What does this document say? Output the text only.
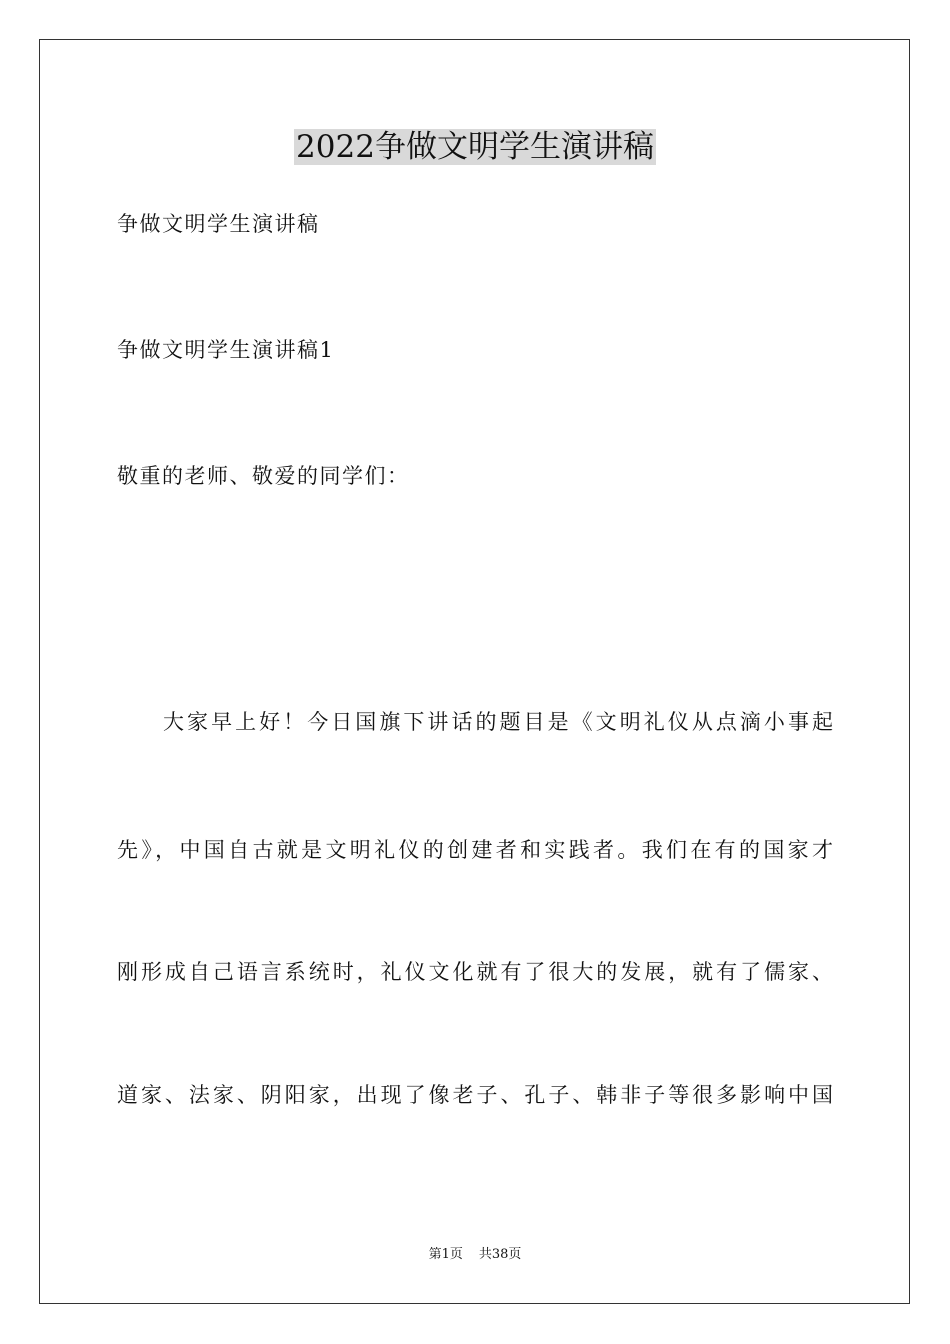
2022争做文明学生演讲稿
争做文明学生演讲稿
争做文明学生演讲稿1
敬重的老师、敬爱的同学们：
大家早上好！今日国旗下讲话的题目是《文明礼仪从点滴小事起
先》，中国自古就是文明礼仪的创建者和实践者。我们在有的国家才
刚形成自己语言系统时，礼仪文化就有了很大的发展，就有了儒家、
道家、法家、阴阳家，出现了像老子、孔子、韩非子等很多影响中国
第1页 共38页
